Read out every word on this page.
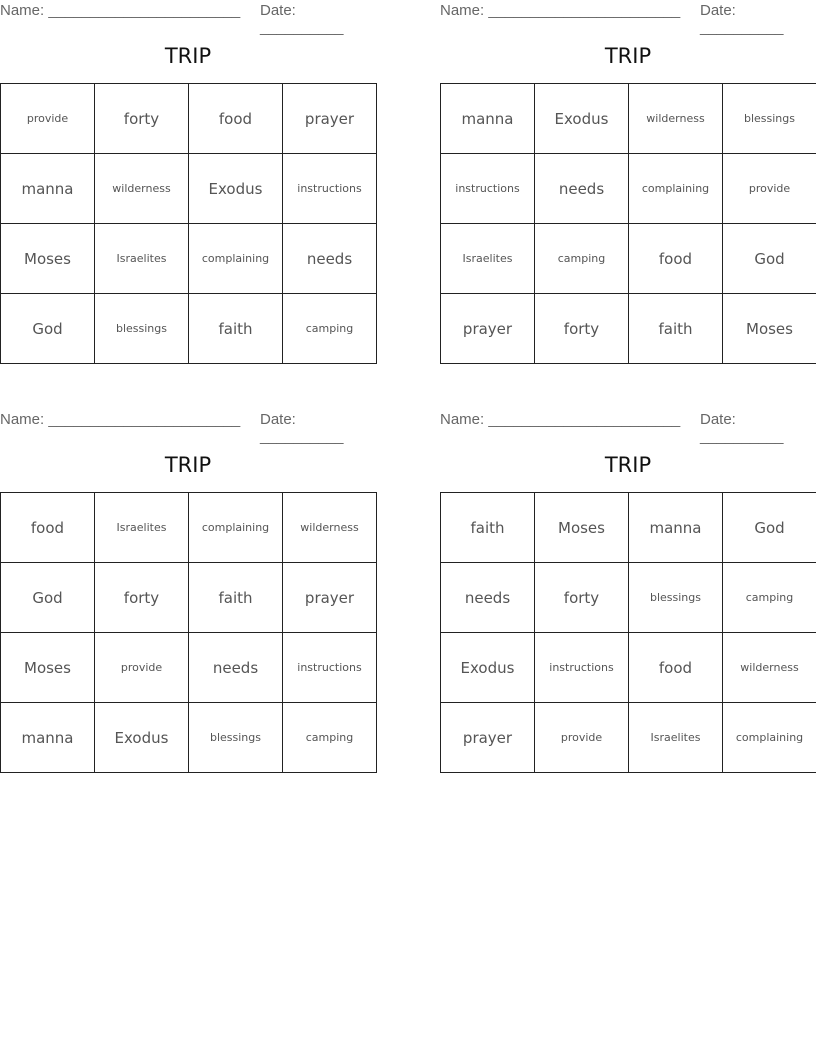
Name: _______________________ Date: __________
TRIP
provide	forty	food	prayer
manna	wilderness	Exodus	instructions
Moses	Israelites	complaining	needs
God	blessings	faith	camping
Name: _______________________ Date: __________
TRIP
manna	Exodus	wilderness	blessings
instructions	needs	complaining	provide
Israelites	camping	food	God
prayer	forty	faith	Moses
Name: _______________________ Date: __________
TRIP
food	Israelites	complaining	wilderness
God	forty	faith	prayer
Moses	provide	needs	instructions
manna	Exodus	blessings	camping
Name: _______________________ Date: __________
TRIP
faith	Moses	manna	God
needs	forty	blessings	camping
Exodus	instructions	food	wilderness
prayer	provide	Israelites	complaining
